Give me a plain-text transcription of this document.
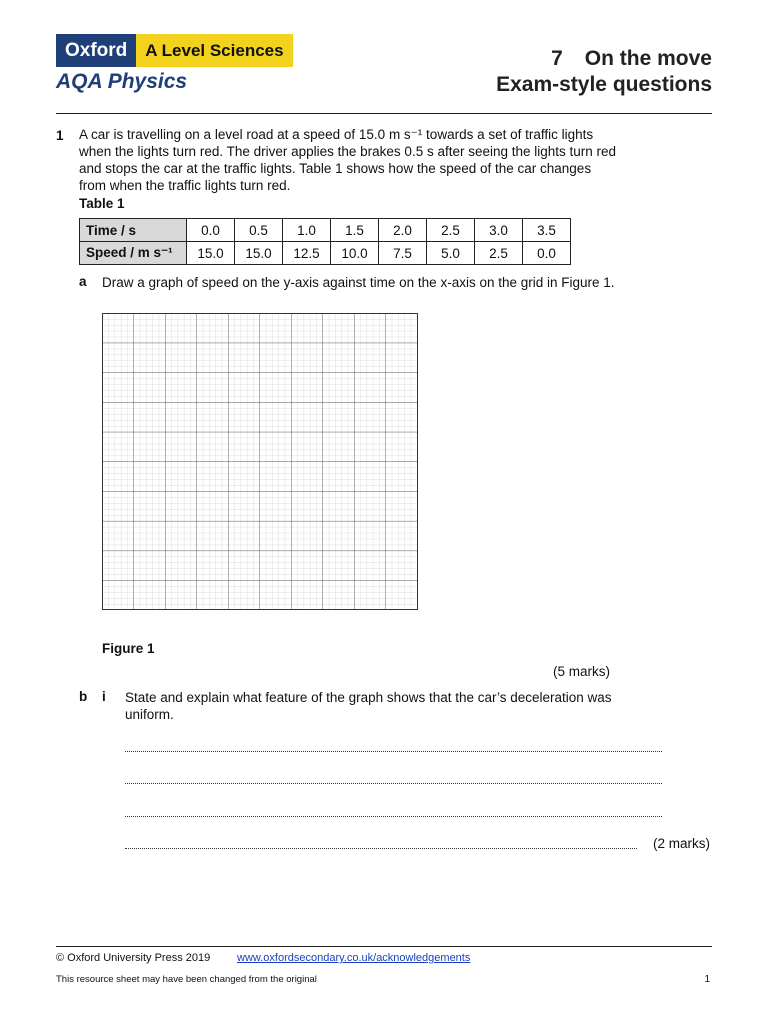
Oxford	A Level Sciences
AQA Physics
7 On the move
Exam-style questions
1 A car is travelling on a level road at a speed of 15.0 m s⁻¹ towards a set of traffic lights when the lights turn red. The driver applies the brakes 0.5 s after seeing the lights turn red and stops the car at the traffic lights. Table 1 shows how the speed of the car changes from when the traffic lights turn red.
Table 1
Time / s	0.0	0.5	1.0	1.5	2.0	2.5	3.0	3.5
Speed / m s⁻¹	15.0	15.0	12.5	10.0	7.5	5.0	2.5	0.0
a Draw a graph of speed on the y-axis against time on the x-axis on the grid in Figure 1.
Figure 1
(5 marks)
b i State and explain what feature of the graph shows that the car’s deceleration was uniform.
(2 marks)
© Oxford University Press 2019 www.oxfordsecondary.co.uk/acknowledgements
This resource sheet may have been changed from the original	1
